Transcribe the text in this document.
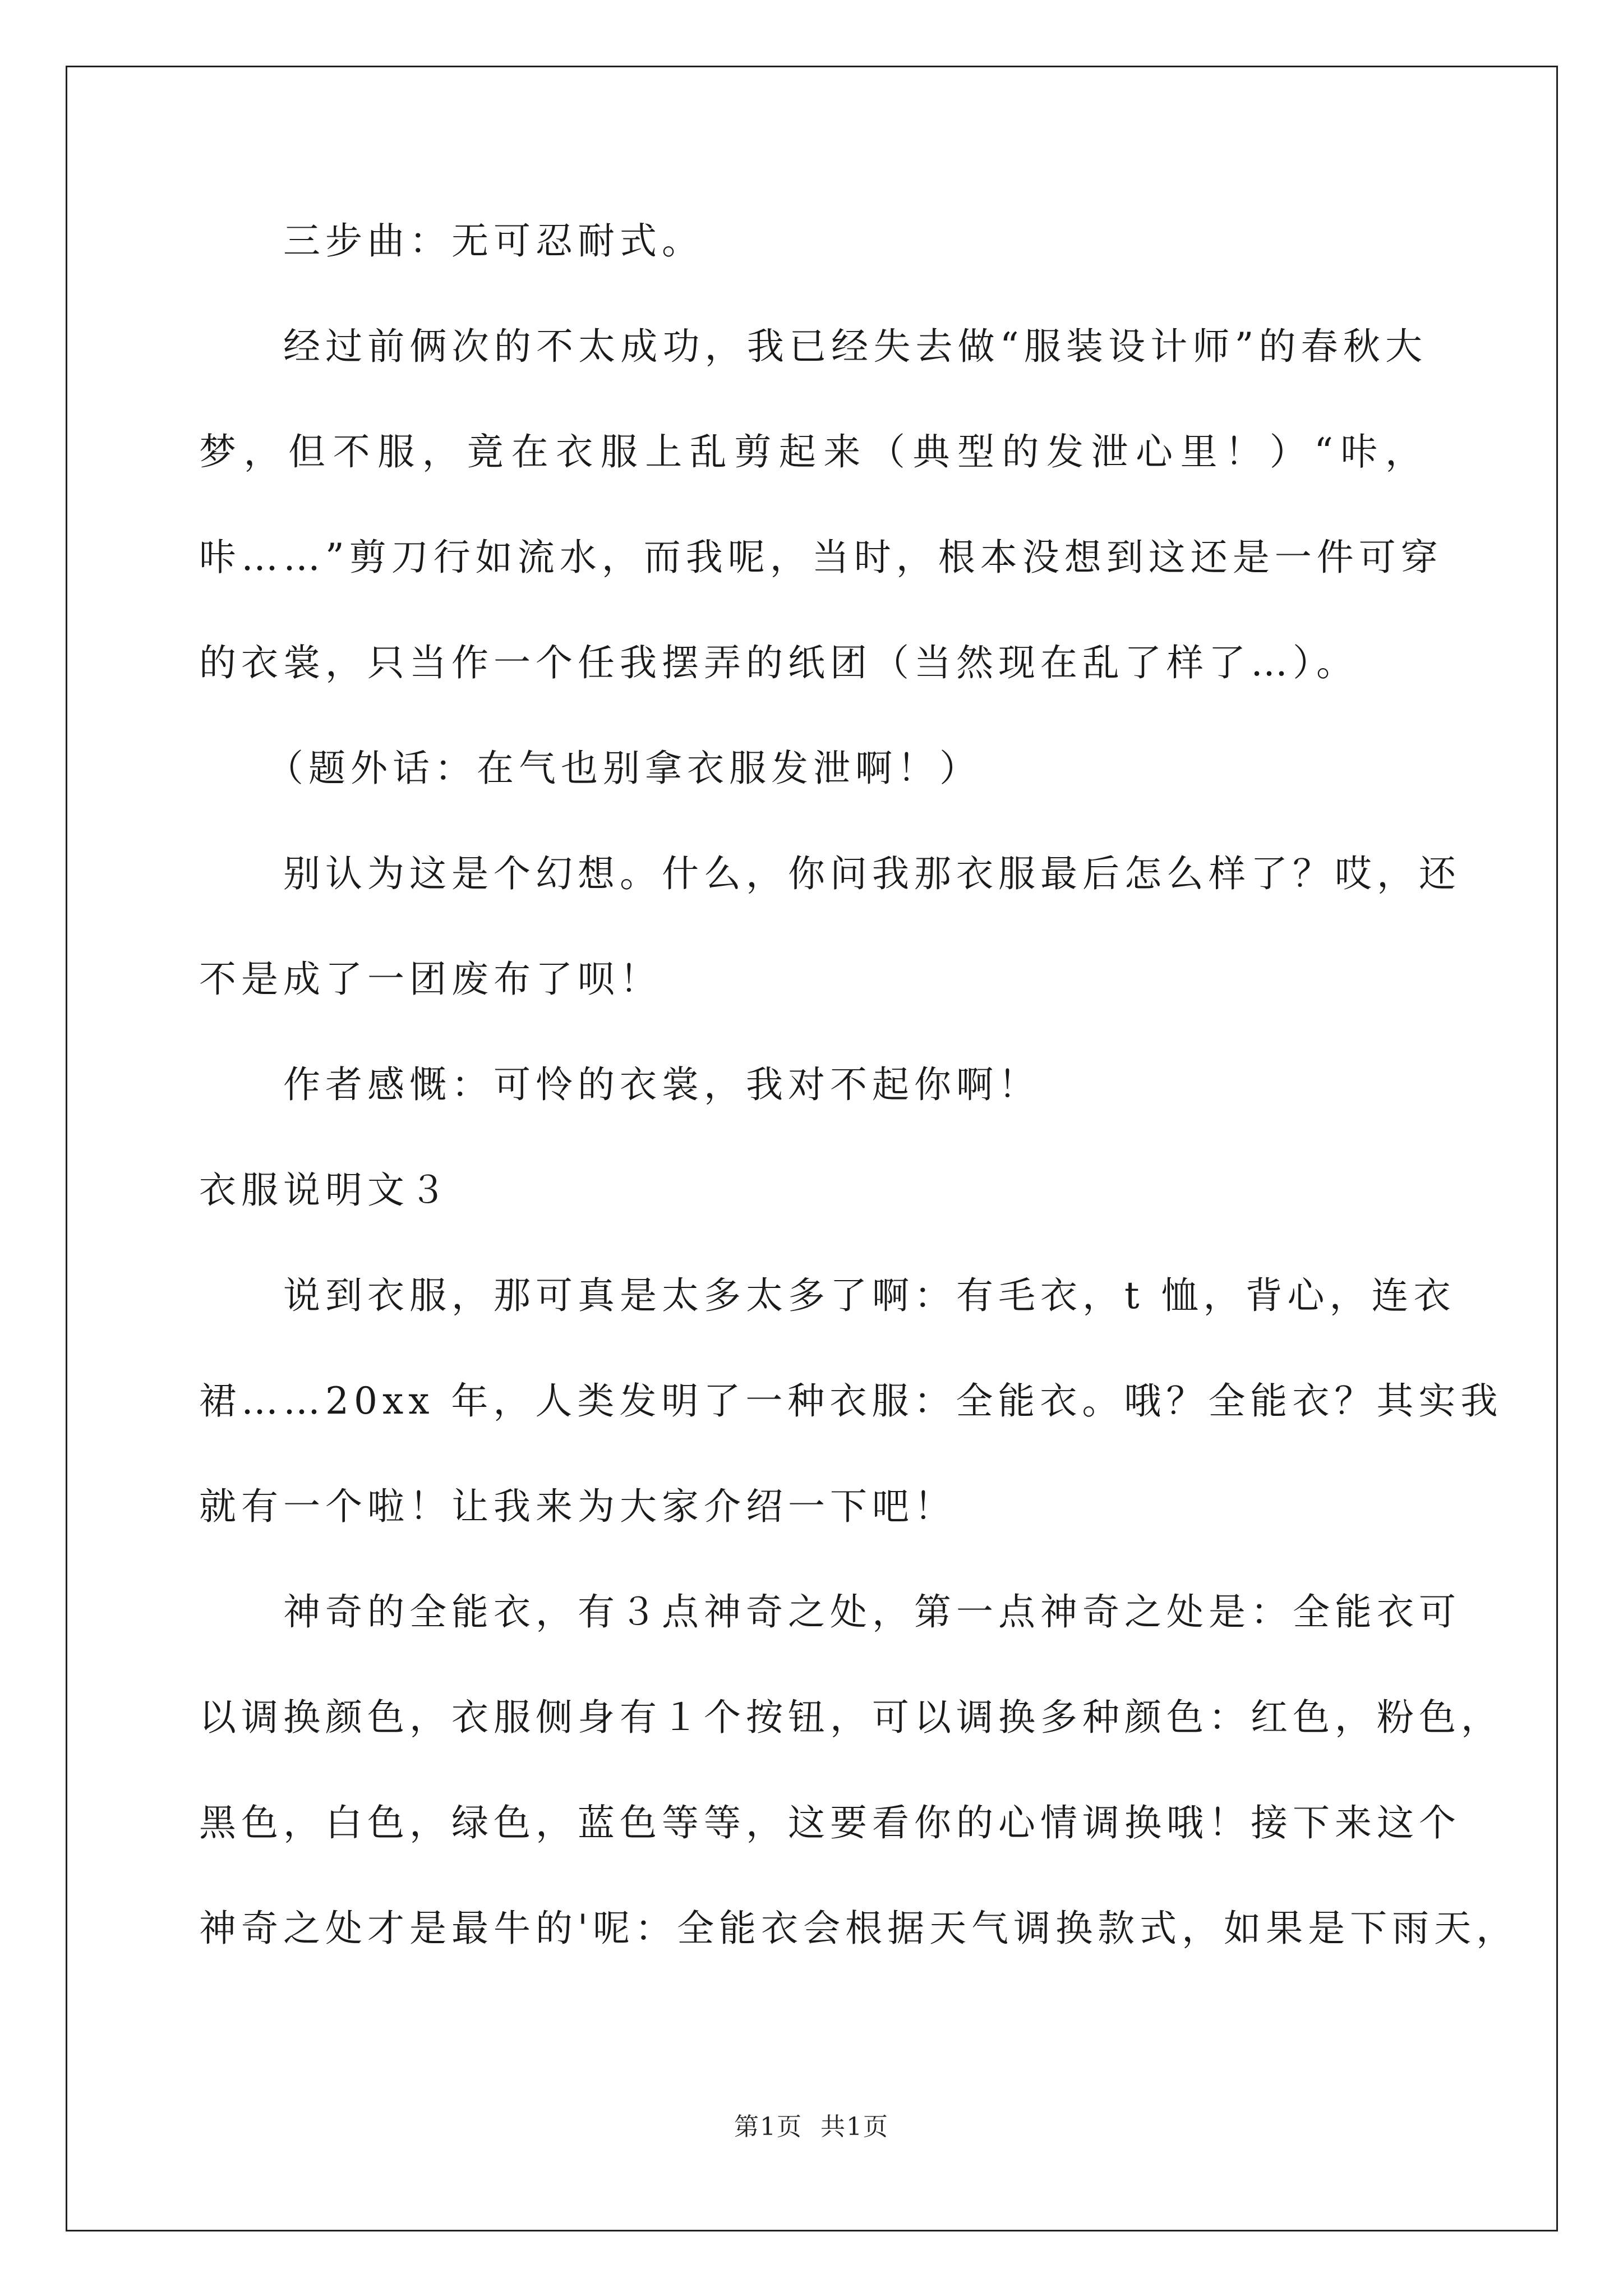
三步曲：无可忍耐式。
经过前俩次的不太成功，我已经失去做“服装设计师”的春秋大
梦，但不服，竟在衣服上乱剪起来（典型的发泄心里！）“咔，
咔……”剪刀行如流水，而我呢，当时，根本没想到这还是一件可穿
的衣裳，只当作一个任我摆弄的纸团（当然现在乱了样了…）。
（题外话：在气也别拿衣服发泄啊！）
别认为这是个幻想。什么，你问我那衣服最后怎么样了？哎，还
不是成了一团废布了呗！
作者感慨：可怜的衣裳，我对不起你啊！
衣服说明文３
说到衣服，那可真是太多太多了啊：有毛衣，t 恤，背心，连衣
裙……20xx 年，人类发明了一种衣服：全能衣。哦？全能衣？其实我
就有一个啦！让我来为大家介绍一下吧！
神奇的全能衣，有３点神奇之处，第一点神奇之处是：全能衣可
以调换颜色，衣服侧身有１个按钮，可以调换多种颜色：红色，粉色，
黑色，白色，绿色，蓝色等等，这要看你的心情调换哦！接下来这个
神奇之处才是最牛的'呢：全能衣会根据天气调换款式，如果是下雨天，
第1页 共1页
